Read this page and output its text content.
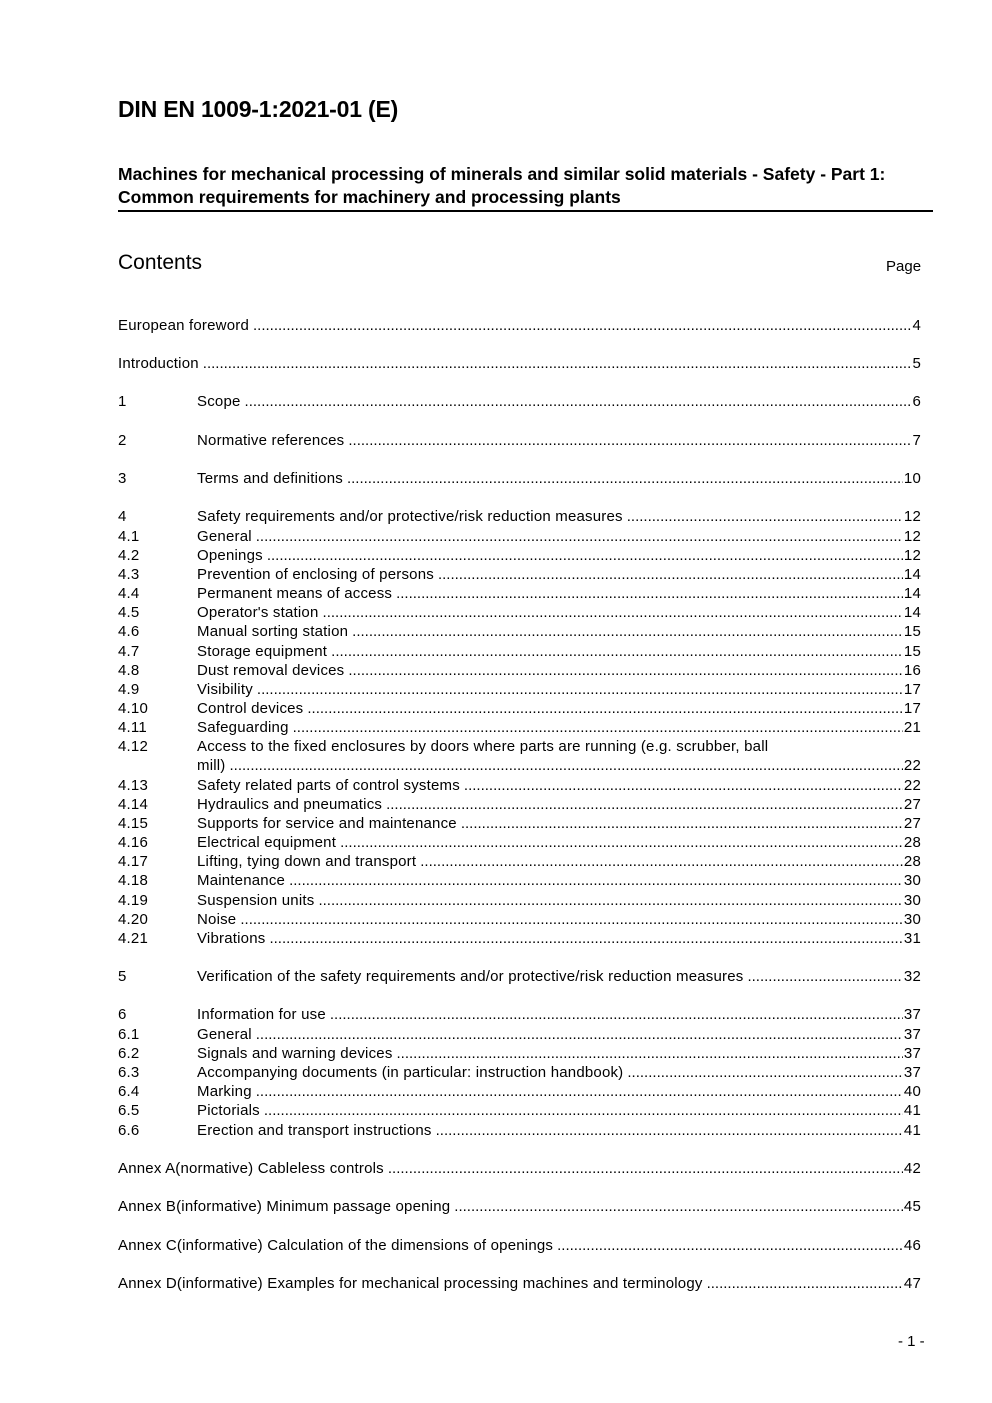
DIN EN 1009-1:2021-01 (E)
Machines for mechanical processing of minerals and similar solid materials - Safety - Part 1: Common requirements for machinery and processing plants
Contents	Page
European foreword .....	4
Introduction .....	5
1	Scope .....	6
2	Normative references .....	7
3	Terms and definitions .....	10
4	Safety requirements and/or protective/risk reduction measures .....	12
4.1	General .....	12
4.2	Openings .....	12
4.3	Prevention of enclosing of persons .....	14
4.4	Permanent means of access .....	14
4.5	Operator's station .....	14
4.6	Manual sorting station .....	15
4.7	Storage equipment .....	15
4.8	Dust removal devices .....	16
4.9	Visibility .....	17
4.10	Control devices .....	17
4.11	Safeguarding .....	21
4.12	Access to the fixed enclosures by doors where parts are running (e.g. scrubber, ball
mill) .....	22
4.13	Safety related parts of control systems .....	22
4.14	Hydraulics and pneumatics .....	27
4.15	Supports for service and maintenance .....	27
4.16	Electrical equipment .....	28
4.17	Lifting, tying down and transport .....	28
4.18	Maintenance .....	30
4.19	Suspension units .....	30
4.20	Noise .....	30
4.21	Vibrations .....	31
5	Verification of the safety requirements and/or protective/risk reduction measures .....	32
6	Information for use .....	37
6.1	General .....	37
6.2	Signals and warning devices .....	37
6.3	Accompanying documents (in particular: instruction handbook) .....	37
6.4	Marking .....	40
6.5	Pictorials .....	41
6.6	Erection and transport instructions .....	41
Annex A(normative) Cableless controls .....	42
Annex B(informative) Minimum passage opening .....	45
Annex C(informative) Calculation of the dimensions of openings .....	46
Annex D(informative) Examples for mechanical processing machines and terminology .....	47
- 1 -
